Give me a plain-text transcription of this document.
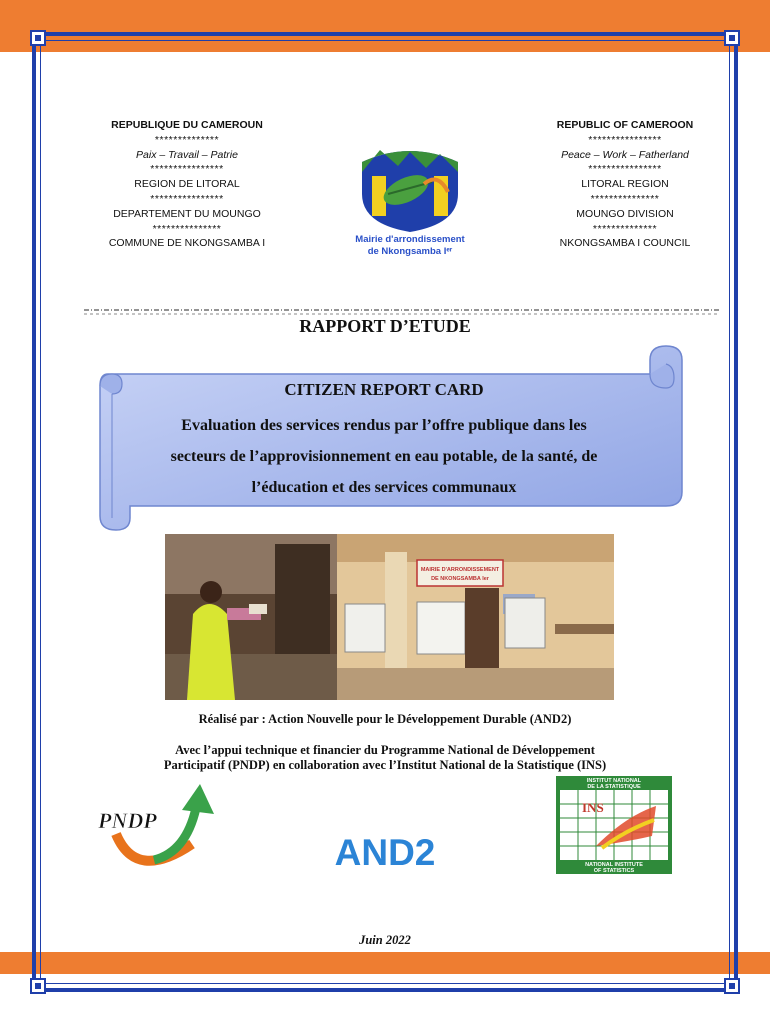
REPUBLIQUE DU CAMEROUN
**************
Paix – Travail – Patrie
****************
REGION DE LITORAL
****************
DEPARTEMENT DU MOUNGO
***************
COMMUNE DE NKONGSAMBA I
REPUBLIC OF CAMEROON
****************
Peace – Work – Fatherland
****************
LITORAL REGION
***************
MOUNGO DIVISION
**************
NKONGSAMBA I COUNCIL
Mairie d'arrondissement
de Nkongsamba Iᵉʳ
RAPPORT D’ETUDE
CITIZEN REPORT CARD
Evaluation des services rendus par l’offre publique dans les
secteurs de l’approvisionnement en eau potable, de la santé, de
l’éducation et des services communaux
MAIRIE D'ARRONDISSEMENT
DE NKONGSAMBA Ier
Réalisé par : Action Nouvelle pour le Développement Durable (AND2)
Avec l’appui technique et financier du Programme National de Développement
Participatif (PNDP) en collaboration avec l’Institut National de la Statistique (INS)
PNDP
AND2
INSTITUT NATIONAL
DE LA STATISTIQUE
INS
NATIONAL INSTITUTE
OF STATISTICS
Juin 2022
